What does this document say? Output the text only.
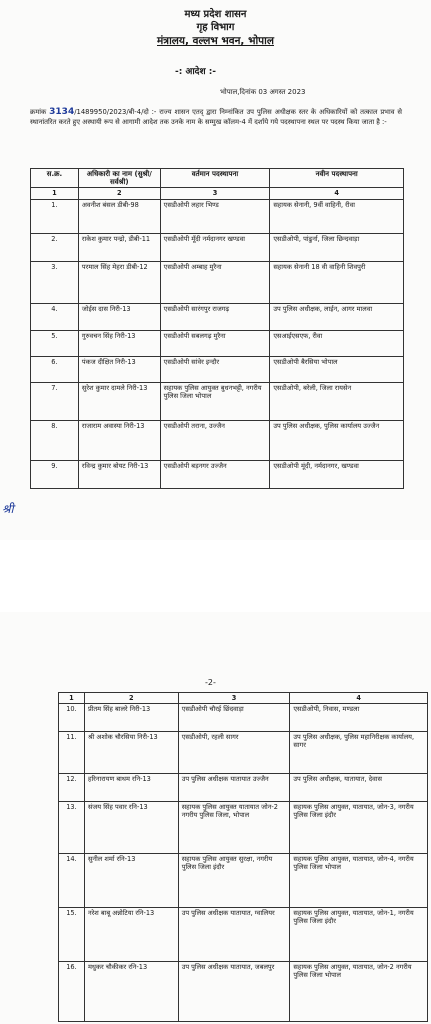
मध्य प्रदेश शासन
गृह विभाग
मंत्रालय, वल्लभ भवन, भोपाल
-: आदेश :-
भोपाल,दिनांक 03 अगस्त 2023
क्रमांक 3134/1489950/2023/बी-4/दो :- राज्य शासन एतद् द्वारा निम्नांकित उप पुलिस अधीक्षक स्तर के अधिकारियों को तत्काल प्रभाव से स्थानांतरित करते हुए अस्थायी रूप से आगामी आदेश तक उनके नाम के सम्मुख कॉलम-4 में दर्शाये गये पदस्थापना स्थल पर पदस्थ किया जाता है :-
स.क्र.	अधिकारी का नाम (सुश्री/सर्वश्री)	वर्तमान पदस्थापना	नवीन पदस्थापना
1	2	3	4
1.	अवनीश बंसल डीबी-98	एसडीओपी लहार भिण्ड	सहायक सेनानी, 9वीं वाहिनी, रीवा
2.	राकेश कुमार पन्द्रो, डीबी-11	एसडीओपी मूँदी नर्मदानगर खण्डवा	एसडीओपी, पांढुर्ना, जिला छिन्दवाड़ा
3.	परमाल सिंह मेहरा डीबी-12	एसडीओपी अम्बाह मुरैना	सहायक सेनानी 18 वी वाहिनी शिवपुरी
4.	जोईस दास निरी-13	एसडीओपी सारंगपुर राजगढ़	उप पुलिस अधीक्षक, लाईन, आगर मालवा
5.	गुरुवचन सिंह निरी-13	एसडीओपी सबलगढ़ मुरैना	एसआईएसएफ, रीवा
6.	पंकज दीक्षित निरी-13	एसडीओपी सांवेर इन्दौर	एसडीओपी बैरसिया भोपाल
7.	सुरेश कुमार दामले निरी-13	सहायक पुलिस आयुक्त बुधनभट्टी, नगरीय पुलिस जिला भोपाल	एसडीओपी, बरेली, जिला रायसेन
8.	राजाराम अवास्या निरी-13	एसडीओपी तराना, उज्जैन	उप पुलिस अधीक्षक, पुलिस कार्यालय उज्जैन
9.	रविन्द्र कुमार बोयट निरी-13	एसडीओपी बड़नगर उज्जैन	एसडीओपी मूंदी, नर्मदानगर, खण्डवा
श्री
-2-
1	2	3	4
10.	प्रीतम सिंह बालरे निरी-13	एसडीओपी चौरई छिंदवाड़ा	एसडीओपी, निवास, मण्डला
11.	श्री अशोक चौरसिया निरी-13	एसडीओपी, रहली सागर	उप पुलिस अधीक्षक, पुलिस महानिरीक्षक कार्यालय, सागर
12.	हरिनारायण बाथम रनि-13	उप पुलिस अधीक्षक यातायात उज्जैन	उप पुलिस अधीक्षक, यातायात, देवास
13.	संजय सिंह पवार रनि-13	सहायक पुलिस आयुक्त यातायात जोन-2 नगरीय पुलिस जिला, भोपाल	सहायक पुलिस आयुक्त, यातायात, जोन-3, नगरीय पुलिस जिला इंदौर
14.	सुनील शर्मा रनि-13	सहायक पुलिस आयुक्त सुरक्षा, नगरीय पुलिस जिला इंदौर	सहायक पुलिस आयुक्त, यातायात, जोन-4, नगरीय पुलिस जिला भोपाल
15.	नरेश बाबू अन्नोटिया रनि-13	उप पुलिस अधीक्षक यातायात, ग्वालियर	सहायक पुलिस आयुक्त, यातायात, जोन-1, नगरीय पुलिस जिला इंदौर
16.	मधुकर चौकीकर रनि-13	उप पुलिस अधीक्षक यातायात, जबलपुर	सहायक पुलिस आयुक्त, यातायात, जोन-2 नगरीय पुलिस जिला भोपाल
